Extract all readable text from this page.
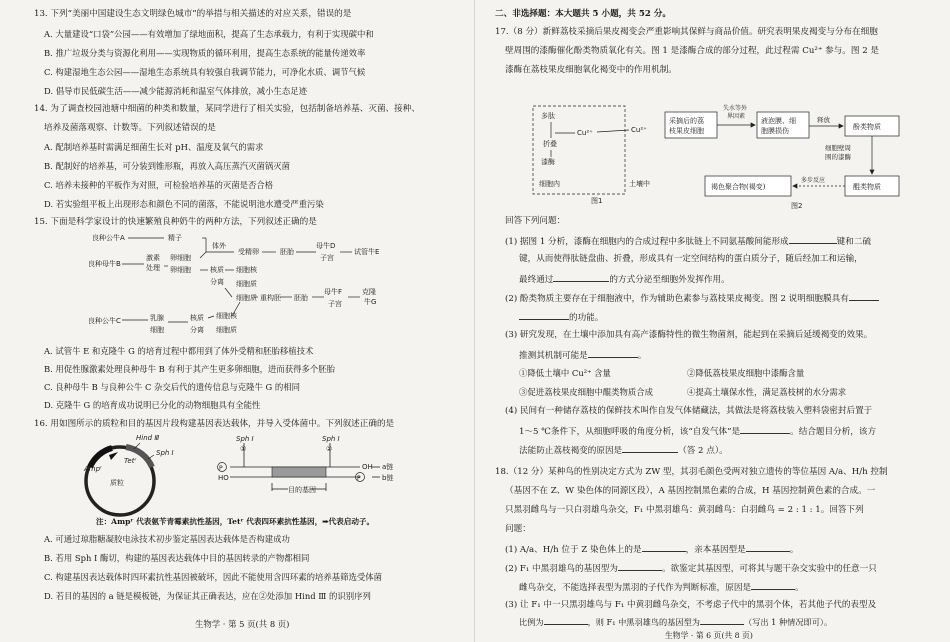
13. 下列“美丽中国建设生态文明绿色城市”的举措与相关描述的对应关系，错误的是
A. 大量建设“口袋”公园——有效增加了绿地面积，提高了生态承载力，有利于实现碳中和
B. 推广垃圾分类与资源化利用——实现物质的循环利用，提高生态系统的能量传递效率
C. 构建湿地生态公园——湿地生态系统具有较强自我调节能力，可净化水质、调节气候
D. 倡导市民低碳生活——减少能源消耗和温室气体排放，减小生态足迹
14. 为了调查校园池塘中细菌的种类和数量，某同学进行了相关实验，包括制备培养基、灭菌、接种、
培养及菌落观察、计数等。下列叙述错误的是
A. 配制培养基时需满足细菌生长对 pH、温度及氧气的需求
B. 配制好的培养基，可分装到锥形瓶，再放入高压蒸汽灭菌锅灭菌
C. 培养未接种的平板作为对照，可检验培养基的灭菌是否合格
D. 若实验组平板上出现形态和颜色不同的菌落，不能说明池水遭受严重污染
15. 下面是科学家设计的快速繁殖良种奶牛的两种方法，下列叙述正确的是
良种公牛A
良种母牛B
良种公牛C
精子
激素
处理
卵细胞
卵细胞
体外
受精卵	胚胎
母牛D
子宫
试管牛E
核质
分离
细胞核
细胞质
细胞质 重构胚 胚胎
母牛F
子宫
克隆
牛G
乳腺
细胞
核质
分离
细胞核
细胞质
A. 试管牛 E 和克隆牛 G 的培育过程中都用到了体外受精和胚胎移植技术
B. 用促性腺激素处理良种母牛 B 有利于其产生更多卵细胞，进而获得多个胚胎
C. 良种母牛 B 与良种公牛 C 杂交后代的遗传信息与克隆牛 G 的相同
D. 克隆牛 G 的培育成功说明已分化的动物细胞具有全能性
16. 用如图所示的质粒和目的基因片段构建基因表达载体，并导入受体菌中。下列叙述正确的是
Hind Ⅲ
Sph Ⅰ
Ampʳ
Tetʳ
质粒
Sph Ⅰ	Sph Ⅰ
①	②
P
P
HO
OH a链
b链
目的基因
注：Ampʳ 代表氨苄青霉素抗性基因，Tetʳ 代表四环素抗性基因，➡代表启动子。
A. 可通过琼脂糖凝胶电泳技术初步鉴定基因表达载体是否构建成功
B. 若用 Sph Ⅰ 酶切，构建的基因表达载体中目的基因转录的产物都相同
C. 构建基因表达载体时四环素抗性基因被破坏，因此不能使用含四环素的培养基筛选受体菌
D. 若目的基因的 a 链是模板链，为保证其正确表达，应在②处添加 Hind Ⅲ 的识别序列
生物学 · 第 5 页(共 8 页)
二、非选择题：本大题共 5 小题，共 52 分。
17.（8 分）新鲜荔枝采摘后果皮褐变会严重影响其保鲜与商品价值。研究表明果皮褐变与分布在细胞
壁周围的漆酶催化酚类物质氧化有关。图 1 是漆酶合成的部分过程，此过程需 Cu²⁺ 参与。图 2 是
漆酶在荔枝果皮细胞氧化褐变中的作用机制。
多肽
折叠
漆酶
Cu²⁺	Cu²⁺
细胞内	土壤中
图1
采摘后的荔
枝果皮细胞
失水等外
界因素
液泡膜、细
胞膜损伤
释放
酚类物质
细胞壁周
围的漆酶
褐色聚合物(褐变)
多步反应
醌类物质
图2
回答下列问题：
(1) 据图 1 分析，漆酶在细胞内的合成过程中多肽链上不同氨基酸间能形成	键和二硫
键，从而使得肽链盘曲、折叠，形成具有一定空间结构的蛋白质分子，随后经加工和运输，
最终通过	的方式分泌至细胞外发挥作用。
(2) 酚类物质主要存在于细胞液中，作为辅助色素参与荔枝果皮褐变。图 2 说明细胞膜具有
的功能。
(3) 研究发现，在土壤中添加具有高产漆酶特性的微生物菌剂，能起到在采摘后延缓褐变的效果。
推测其机制可能是	。
①降低土壤中 Cu²⁺ 含量	②降低荔枝果皮细胞中漆酶含量
③促进荔枝果皮细胞中醌类物质合成	④提高土壤保水性，满足荔枝树的水分需求
(4) 民间有一种储存荔枝的保鲜技术叫作自发气体储藏法，其做法是将荔枝装入塑料袋密封后置于
1～5 ℃条件下，从细胞呼吸的角度分析，该“自发气体”是	。结合题目分析，该方
法能防止荔枝褐变的原因是	（答 2 点）。
18.（12 分）某种鸟的性别决定方式为 ZW 型，其羽毛颜色受两对独立遗传的等位基因 A/a、H/h 控制
（基因不在 Z、W 染色体的同源区段），A 基因控制黑色素的合成，H 基因控制黄色素的合成。一
只黑羽雌鸟与一只白羽雄鸟杂交，F₁ 中黑羽雄鸟：黄羽雌鸟：白羽雌鸟 = 2 : 1 : 1。回答下列
问题：
(1) A/a、H/h 位于 Z 染色体上的是	，亲本基因型是	。
(2) F₁ 中黑羽雄鸟的基因型为	。欲鉴定其基因型，可将其与题干杂交实验中的任意一只
雌鸟杂交，不能选择表型为黑羽的子代作为判断标准，原因是	。
(3) 让 F₁ 中一只黑羽雄鸟与 F₁ 中黄羽雌鸟杂交，不考虑子代中的黑羽个体，若其他子代的表型及
比例为	，则 F₁ 中黑羽雄鸟的基因型为	（写出 1 种情况即可）。
生物学 · 第 6 页(共 8 页)
